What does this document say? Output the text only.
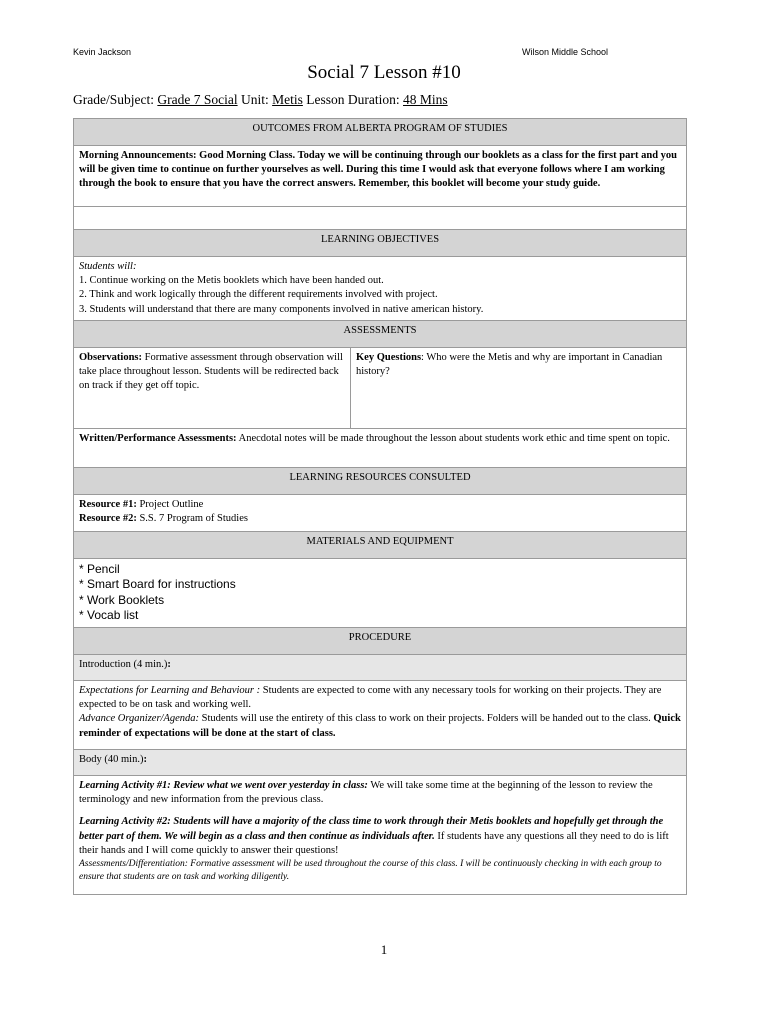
Kevin Jackson	Wilson Middle School
Social 7 Lesson #10
Grade/Subject: Grade 7 Social Unit: Metis Lesson Duration: 48 Mins
OUTCOMES FROM ALBERTA PROGRAM OF STUDIES
Morning Announcements: Good Morning Class. Today we will be continuing through our booklets as a class for the first part and you will be given time to continue on further yourselves as well. During this time I would ask that everyone follows where I am working through the book to ensure that you have the correct answers. Remember, this booklet will become your study guide.

LEARNING OBJECTIVES

Students will:
1. Continue working on the Metis booklets which have been handed out.
2. Think and work logically through the different requirements involved with project.
3. Students will understand that there are many components involved in native american history.

ASSESSMENTS
Observations: Formative assessment through observation will take place throughout lesson. Students will be redirected back on track if they get off topic.	Key Questions: Who were the Metis and why are important in Canadian history?
Written/Performance Assessments: Anecdotal notes will be made throughout the lesson about students work ethic and time spent on topic.
LEARNING RESOURCES CONSULTED

Resource #1: Project Outline
Resource #2: S.S. 7 Program of Studies

MATERIALS AND EQUIPMENT

* Pencil
* Smart Board for instructions
* Work Booklets
* Vocab list

PROCEDURE
Introduction (4 min.):

Expectations for Learning and Behaviour : Students are expected to come with any necessary tools for working on their projects. They are expected to be on task and working well.
Advance Organizer/Agenda: Students will use the entirety of this class to work on their projects. Folders will be handed out to the class. Quick reminder of expectations will be done at the start of class.

Body (40 min.):

Learning Activity #1: Review what we went over yesterday in class: We will take some time at the beginning of the lesson to review the terminology and new information from the previous class.
Learning Activity #2: Students will have a majority of the class time to work through their Metis booklets and hopefully get through the better part of them. We will begin as a class and then continue as individuals after. If students have any questions all they need to do is lift their hands and I will come quickly to answer their questions!
Assessments/Differentiation: Formative assessment will be used throughout the course of this class. I will be continuously checking in with each group to ensure that students are on task and working diligently.
1
